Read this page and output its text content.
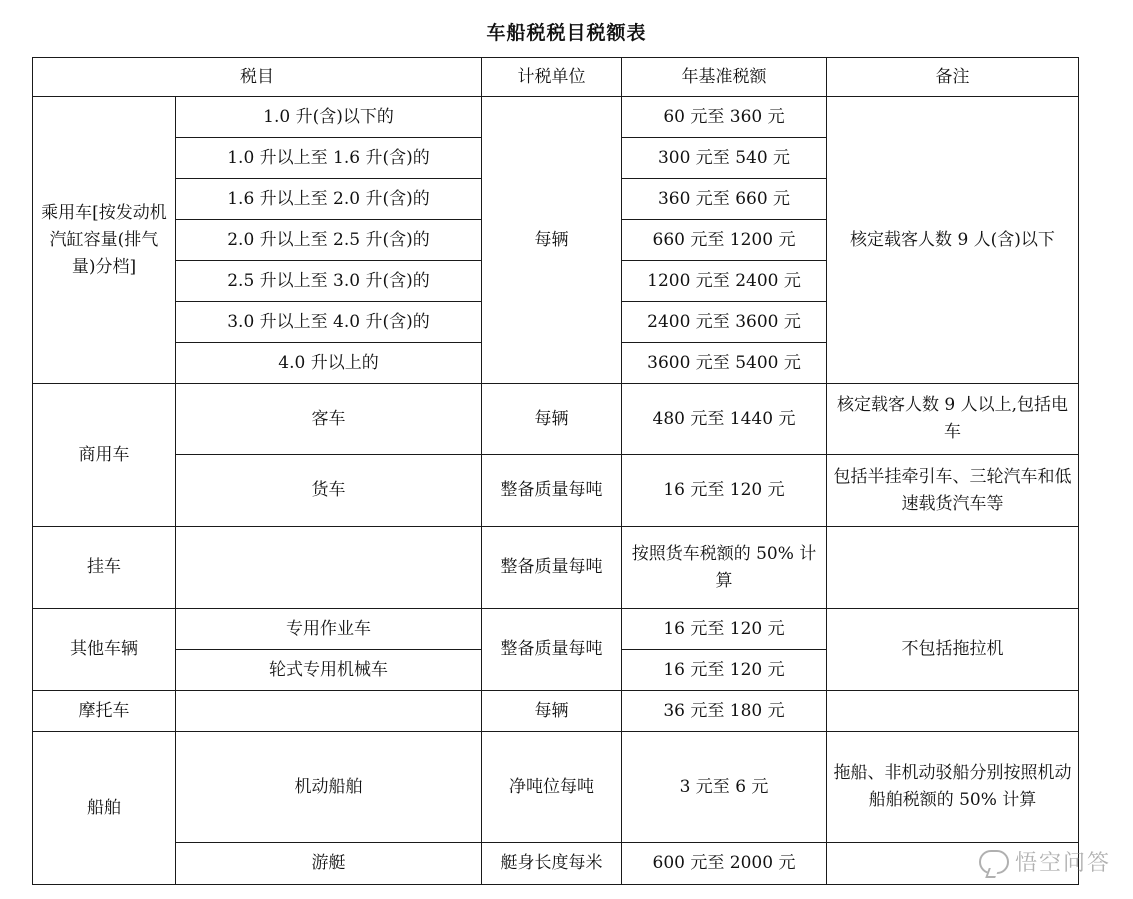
车船税税目税额表
税目		计税单位	年基准税额	备注
乘用车[按发动机汽缸容量(排气量)分档]	1.0 升(含)以下的	每辆	60 元至 360 元	核定载客人数 9 人(含)以下
	1.0 升以上至 1.6 升(含)的		300 元至 540 元	
	1.6 升以上至 2.0 升(含)的		360 元至 660 元	
	2.0 升以上至 2.5 升(含)的		660 元至 1200 元	
	2.5 升以上至 3.0 升(含)的		1200 元至 2400 元	
	3.0 升以上至 4.0 升(含)的		2400 元至 3600 元	
	4.0 升以上的		3600 元至 5400 元	
商用车	客车	每辆	480 元至 1440 元	核定载客人数 9 人以上,包括电车
	货车	整备质量每吨	16 元至 120 元	包括半挂牵引车、三轮汽车和低速载货汽车等
挂车		整备质量每吨	按照货车税额的 50% 计算	
其他车辆	专用作业车	整备质量每吨	16 元至 120 元	不包括拖拉机
	轮式专用机械车		16 元至 120 元	
摩托车		每辆	36 元至 180 元	
船舶	机动船舶	净吨位每吨	3 元至 6 元	拖船、非机动驳船分别按照机动船舶税额的 50% 计算
	游艇	艇身长度每米	600 元至 2000 元		悟空问答
